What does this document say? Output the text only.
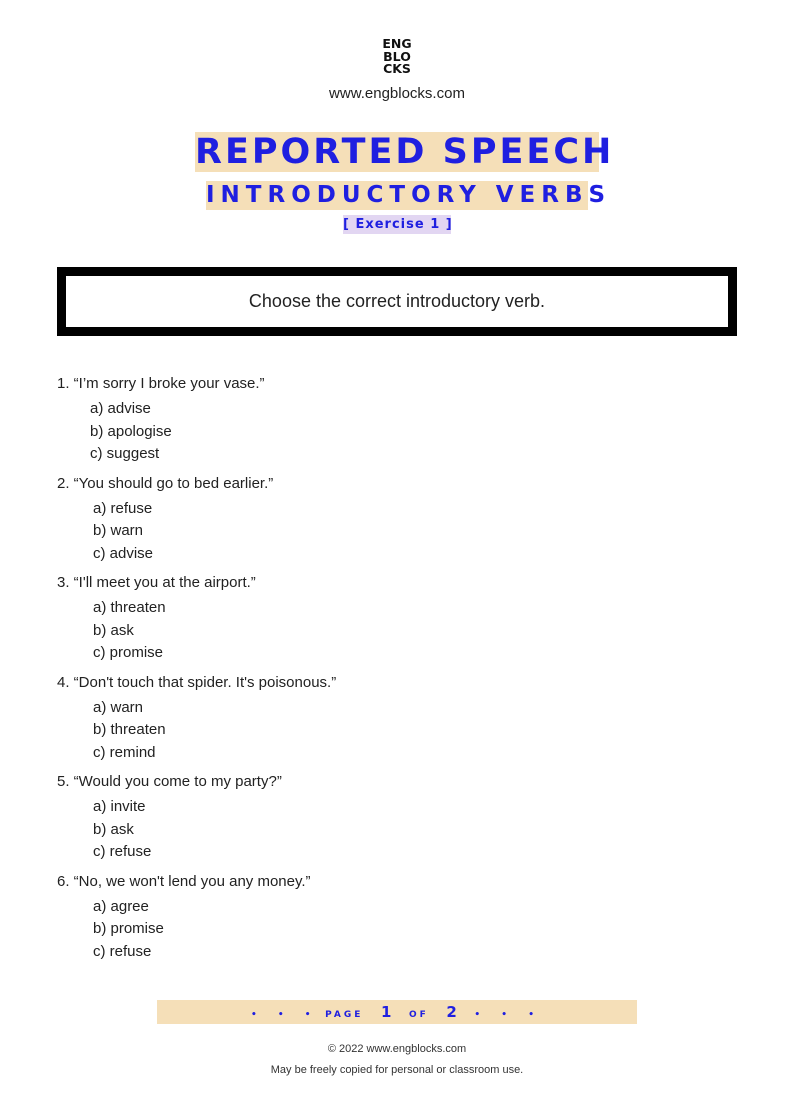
ENG
BLO
CKS
www.engblocks.com
REPORTED SPEECH
INTRODUCTORY VERBS
[ Exercise 1 ]
Choose the correct introductory verb.
1. “I’m sorry I broke your vase.”
a) advise
b) apologise
c) suggest
2. “You should go to bed earlier.”
a) refuse
b) warn
c) advise
3. “I'll meet you at the airport.”
a) threaten
b) ask
c) promise
4. “Don't touch that spider. It's poisonous.”
a) warn
b) threaten
c) remind
5. “Would you come to my party?”
a) invite
b) ask
c) refuse
6. “No, we won't lend you any money.”
a) agree
b) promise
c) refuse
• • • PAGE 1 OF 2 • • •
© 2022 www.engblocks.com
May be freely copied for personal or classroom use.
